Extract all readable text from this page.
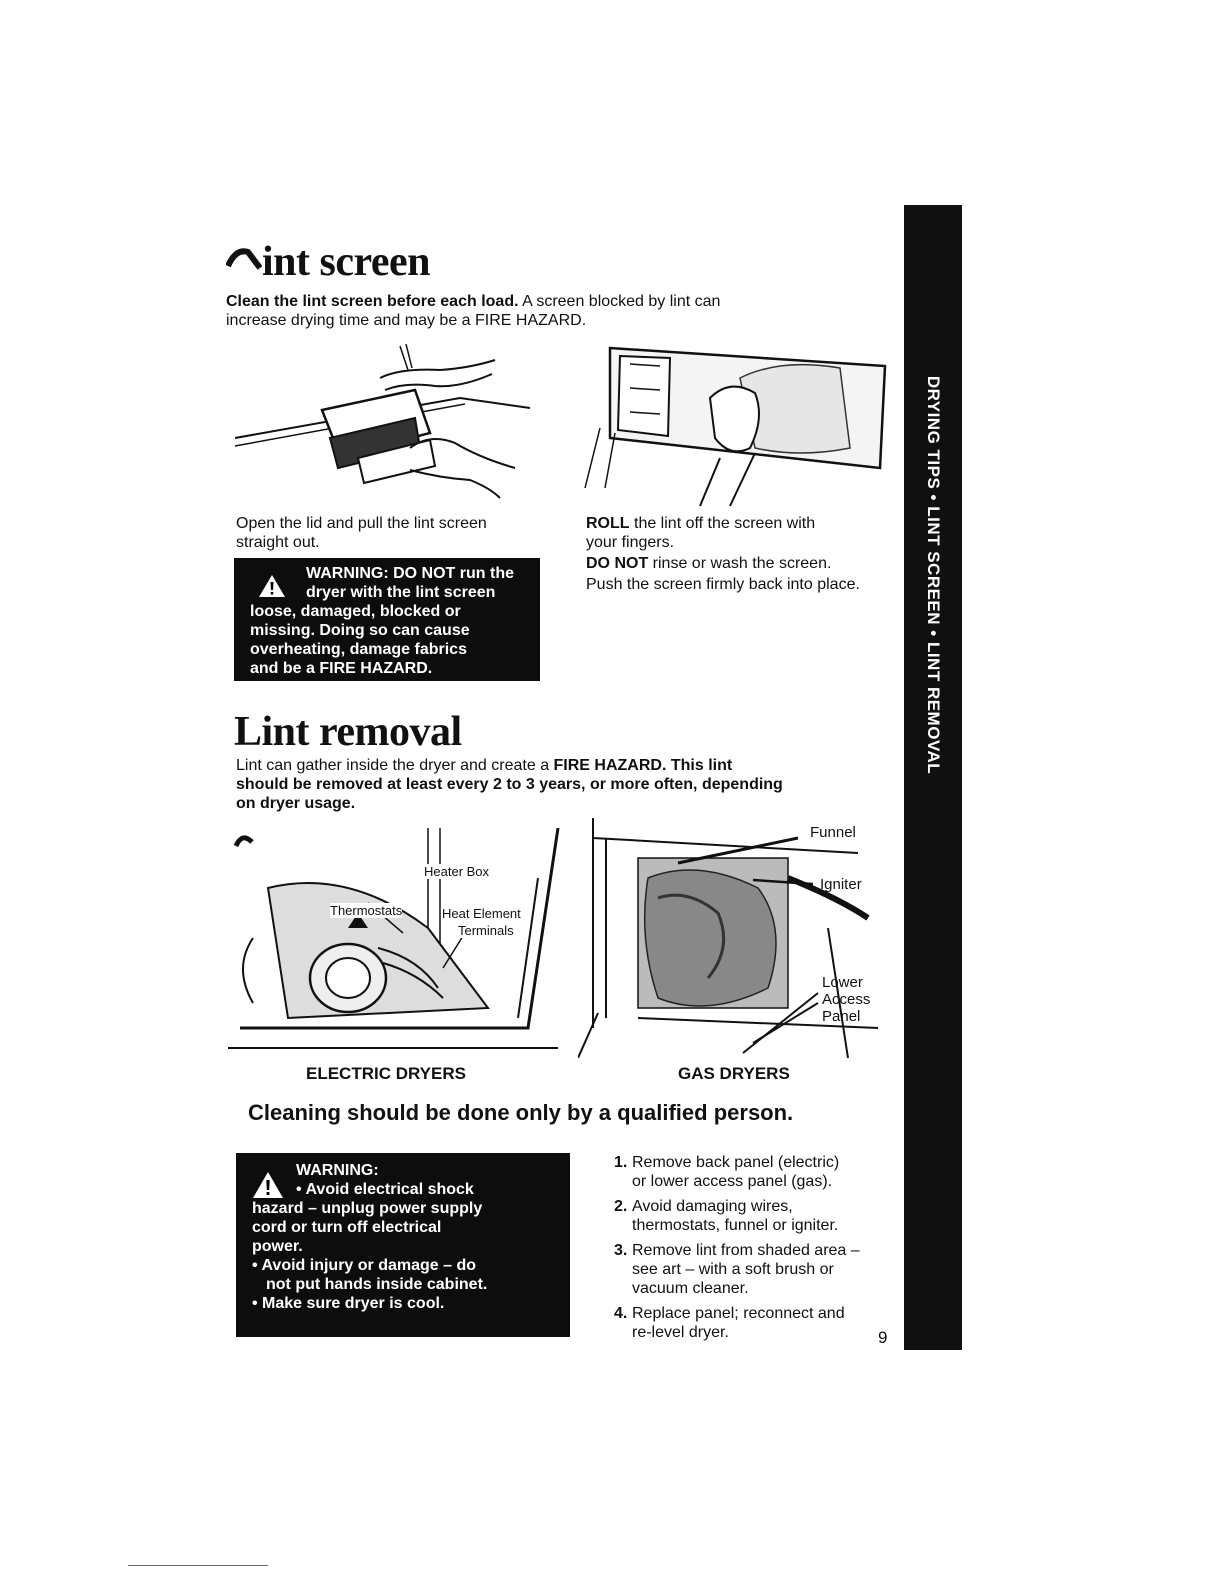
DRYING TIPS • LINT SCREEN • LINT REMOVAL
int screen
Clean the lint screen before each load. A screen blocked by lint can
increase drying time and may be a FIRE HAZARD.
Open the lid and pull the lint screen
straight out.
WARNING: DO NOT run the
dryer with the lint screen
loose, damaged, blocked or
missing. Doing so can cause
overheating, damage fabrics
and be a FIRE HAZARD.
ROLL the lint off the screen with
your fingers.
DO NOT rinse or wash the screen.
Push the screen firmly back into place.
Lint removal
Lint can gather inside the dryer and create a FIRE HAZARD. This lint
should be removed at least every 2 to 3 years, or more often, depending
on dryer usage.
Heater Box
Thermostats	Heat Element
Terminals
Funnel
Igniter
Lower
Access
Panel
ELECTRIC DRYERS	GAS DRYERS
Cleaning should be done only by a qualified person.
WARNING:
• Avoid electrical shock
hazard – unplug power supply
cord or turn off electrical
power.
• Avoid injury or damage – do
not put hands inside cabinet.
• Make sure dryer is cool.
1. Remove back panel (electric)
or lower access panel (gas).
2. Avoid damaging wires,
thermostats, funnel or igniter.
3. Remove lint from shaded area –
see art – with a soft brush or
vacuum cleaner.
4. Replace panel; reconnect and
re-level dryer.	9
